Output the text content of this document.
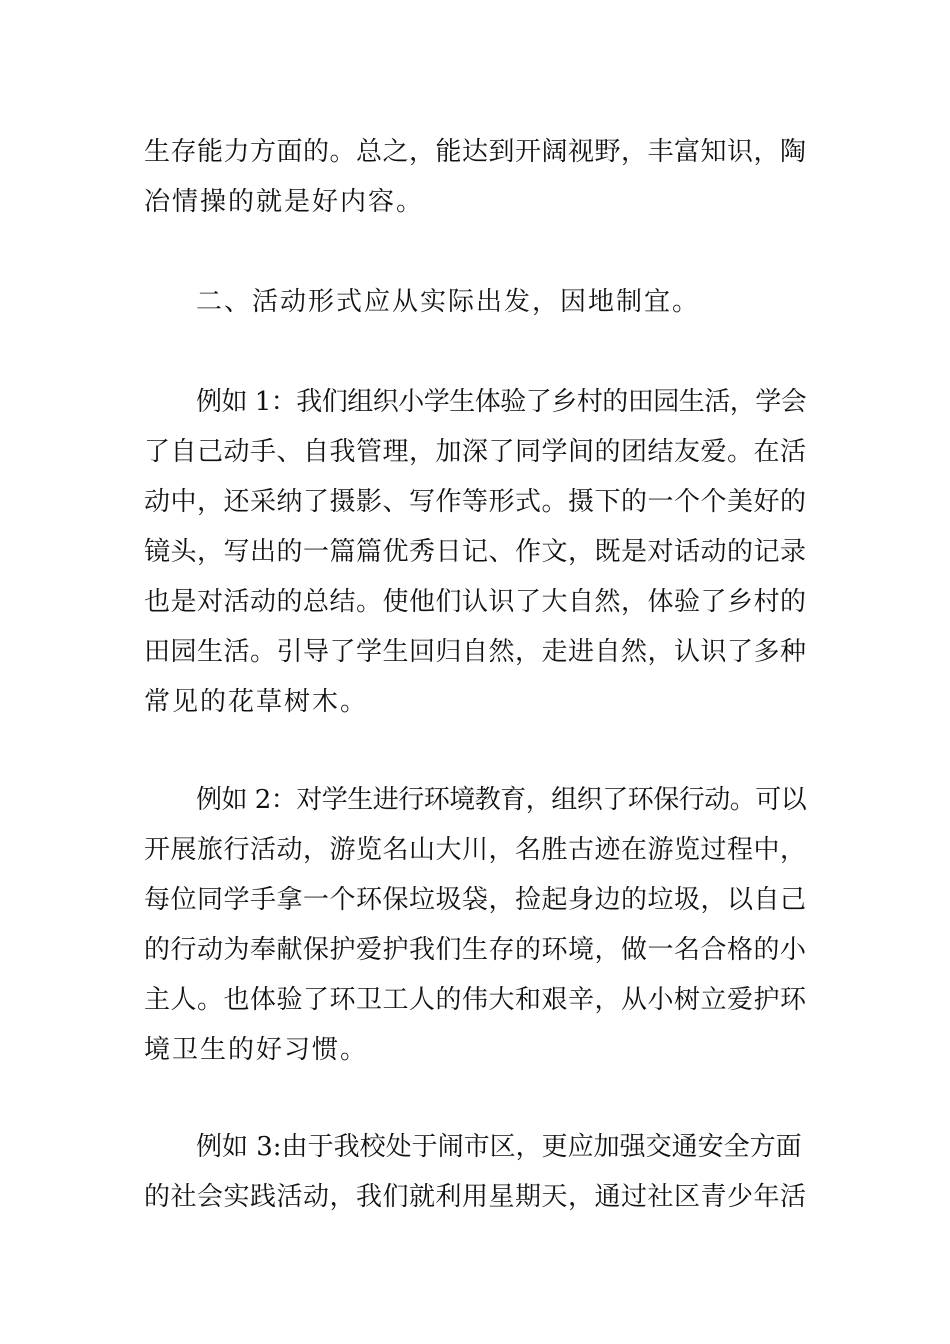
生存能力方面的。总之，能达到开阔视野，丰富知识，陶
冶情操的就是好内容。

二、活动形式应从实际出发，因地制宜。

例如 1：我们组织小学生体验了乡村的田园生活，学会
了自己动手、自我管理，加深了同学间的团结友爱。在活
动中，还采纳了摄影、写作等形式。摄下的一个个美好的
镜头，写出的一篇篇优秀日记、作文，既是对话动的记录
也是对活动的总结。使他们认识了大自然，体验了乡村的
田园生活。引导了学生回归自然，走进自然，认识了多种
常见的花草树木。

例如 2：对学生进行环境教育，组织了环保行动。可以
开展旅行活动，游览名山大川，名胜古迹在游览过程中，
每位同学手拿一个环保垃圾袋，捡起身边的垃圾，以自己
的行动为奉献保护爱护我们生存的环境，做一名合格的小
主人。也体验了环卫工人的伟大和艰辛，从小树立爱护环
境卫生的好习惯。

例如 3:由于我校处于闹市区，更应加强交通安全方面
的社会实践活动，我们就利用星期天，通过社区青少年活
